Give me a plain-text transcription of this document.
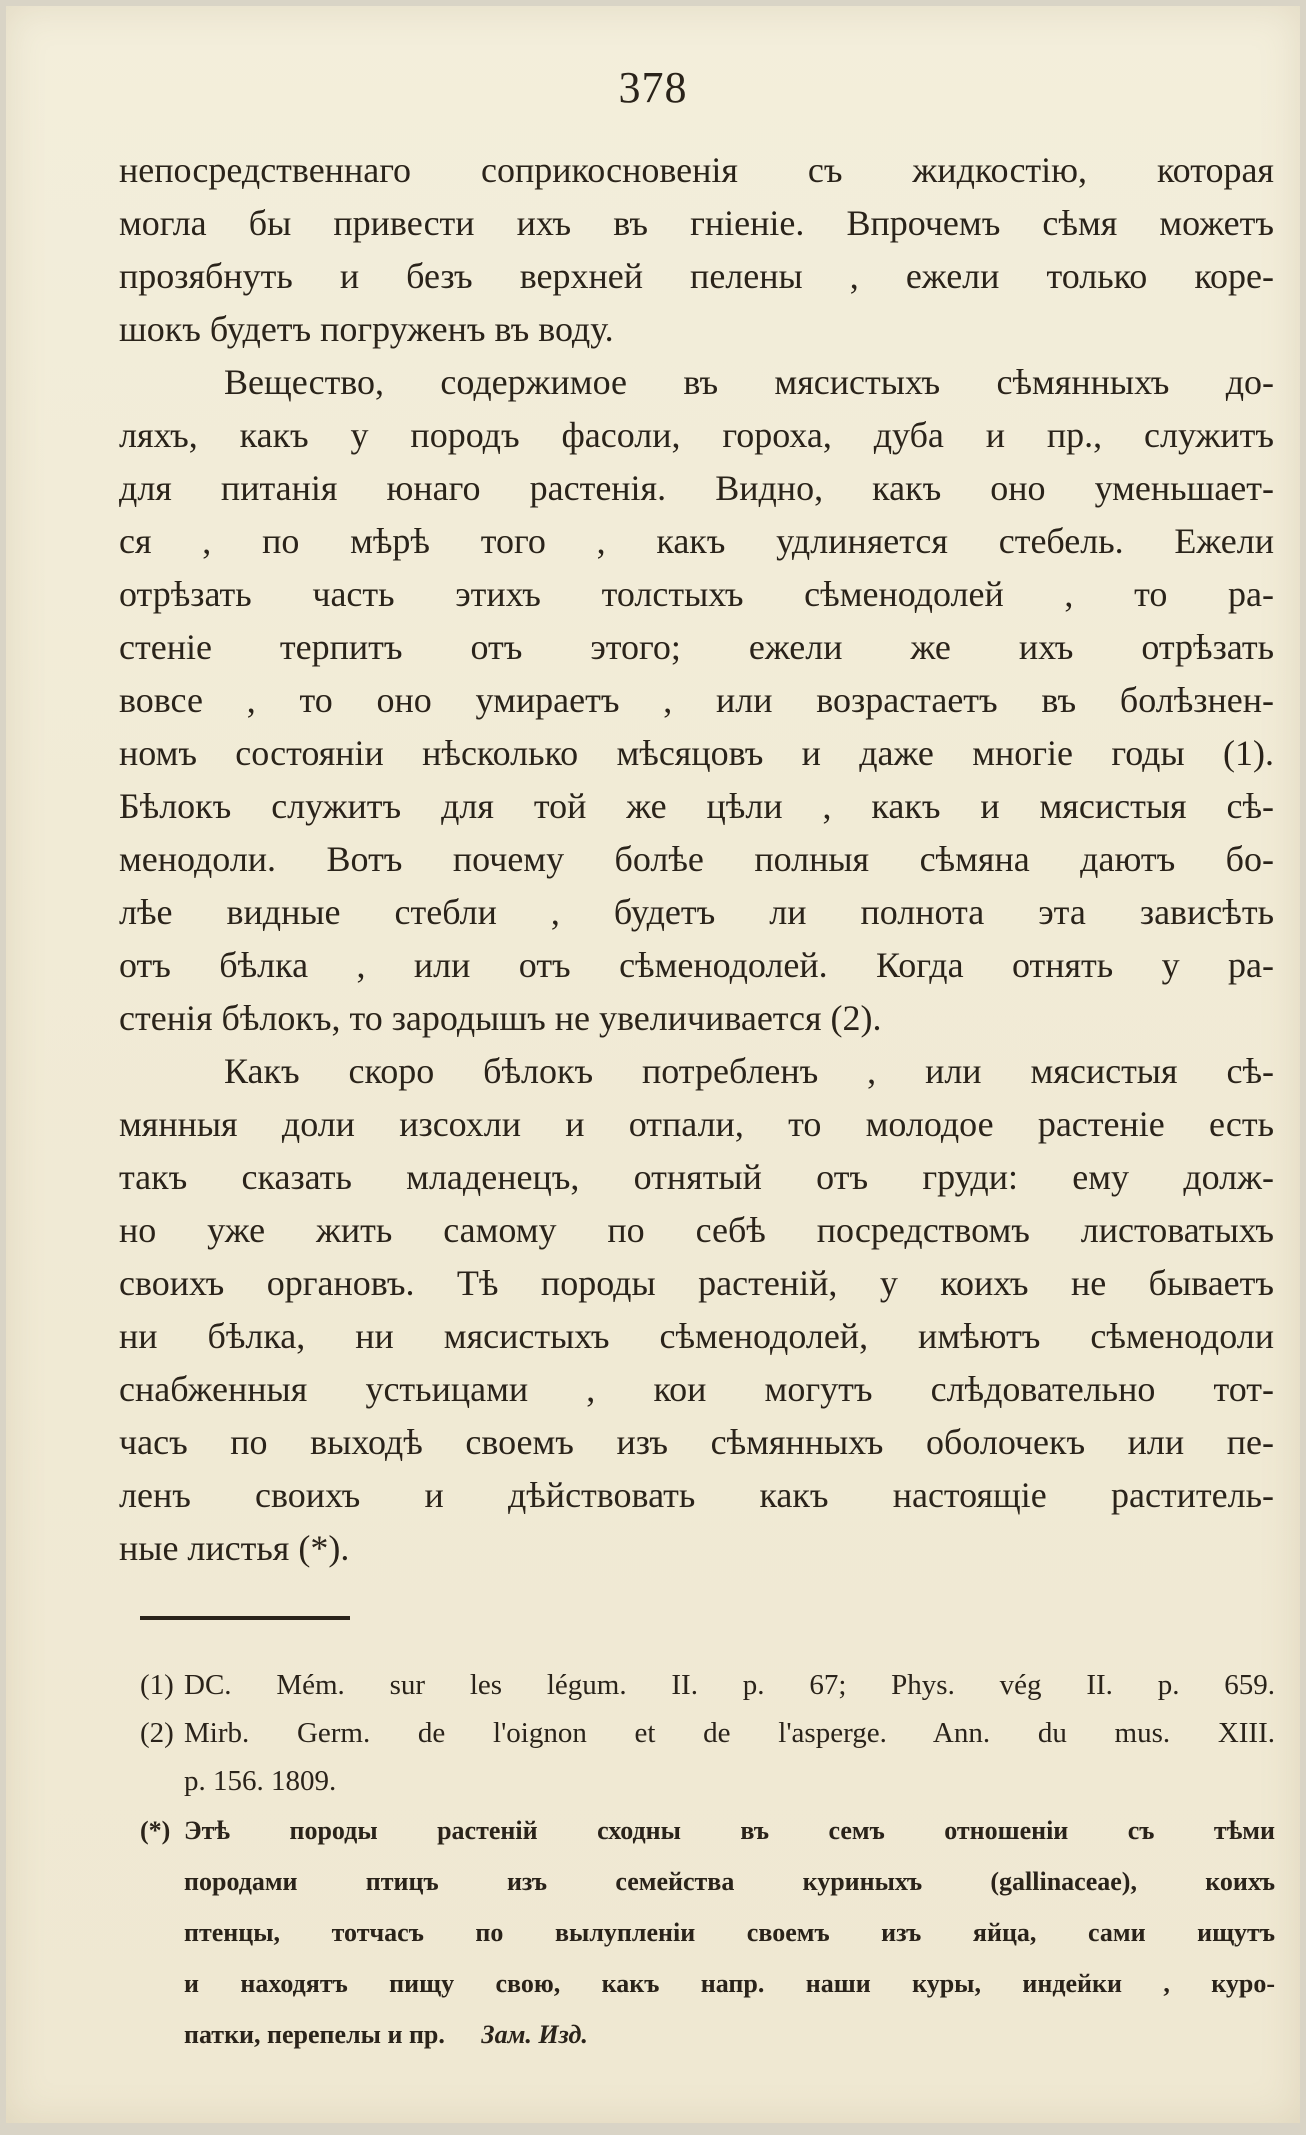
378
непосредственнаго соприкосновенія съ жидкостію, которая
могла бы привести ихъ въ гніеніе. Впрочемъ сѣмя можетъ
прозябнуть и безъ верхней пелены , ежели только коре-
шокъ будетъ погруженъ въ воду.
Вещество, содержимое въ мясистыхъ сѣмянныхъ до-
ляхъ, какъ у породъ фасоли, гороха, дуба и пр., служитъ
для питанія юнаго растенія. Видно, какъ оно уменьшает-
ся , по мѣрѣ того , какъ удлиняется стебель. Ежели
отрѣзать часть этихъ толстыхъ сѣменодолей , то ра-
стеніе терпитъ отъ этого; ежели же ихъ отрѣзать
вовсе , то оно умираетъ , или возрастаетъ въ болѣзнен-
номъ состояніи нѣсколько мѣсяцовъ и даже многіе годы (1).
Бѣлокъ служитъ для той же цѣли , какъ и мясистыя сѣ-
менодоли. Вотъ почему болѣе полныя сѣмяна даютъ бо-
лѣе видные стебли , будетъ ли полнота эта зависѣть
отъ бѣлка , или отъ сѣменодолей. Когда отнять у ра-
стенія бѣлокъ, то зародышъ не увеличивается (2).
Какъ скоро бѣлокъ потребленъ , или мясистыя сѣ-
мянныя доли изсохли и отпали, то молодое растеніе есть
такъ сказать младенецъ, отнятый отъ груди: ему долж-
но уже жить самому по себѣ посредствомъ листоватыхъ
своихъ органовъ. Тѣ породы растеній, у коихъ не бываетъ
ни бѣлка, ни мясистыхъ сѣменодолей, имѣютъ сѣменодоли
снабженныя устьицами , кои могутъ слѣдовательно тот-
часъ по выходѣ своемъ изъ сѣмянныхъ оболочекъ или пе-
ленъ своихъ и дѣйствовать какъ настоящіе раститель-
ные листья (*).
(1) DC. Mém. sur les légum. II. p. 67; Phys. vég II. p. 659.
(2) Mirb. Germ. de l'oignon et de l'asperge. Ann. du mus. XIII.
p. 156. 1809.
(*) Этѣ породы растеній сходны въ семъ отношеніи съ тѣми
породами птицъ изъ семейства куриныхъ (gallinaceae), коихъ
птенцы, тотчасъ по вылупленіи своемъ изъ яйца, сами ищутъ
и находятъ пищу свою, какъ напр. наши куры, индейки , куро-
патки, перепелы и пр. Зам. Изд.
